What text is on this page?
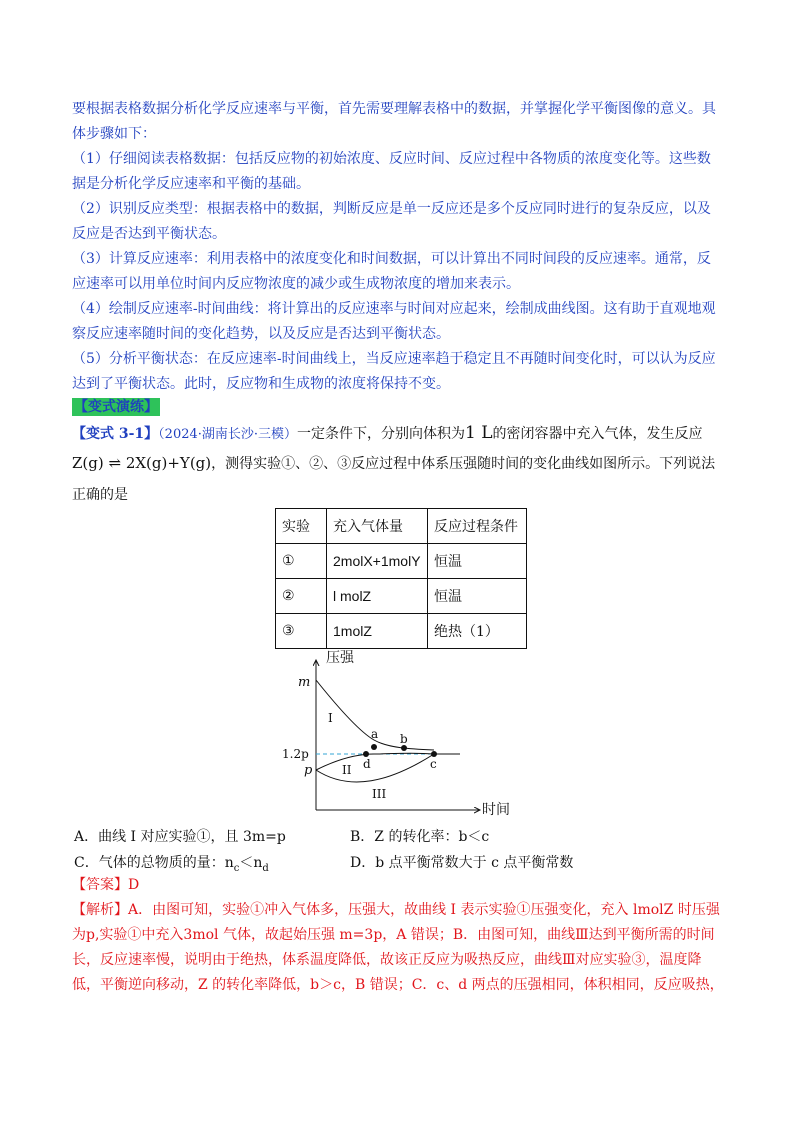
要根据表格数据分析化学反应速率与平衡，首先需要理解表格中的数据，并掌握化学平衡图像的意义。具
体步骤如下：
（1）仔细阅读表格数据：包括反应物的初始浓度、反应时间、反应过程中各物质的浓度变化等。这些数
据是分析化学反应速率和平衡的基础。
（2）识别反应类型：根据表格中的数据，判断反应是单一反应还是多个反应同时进行的复杂反应，以及
反应是否达到平衡状态。
（3）计算反应速率：利用表格中的浓度变化和时间数据，可以计算出不同时间段的反应速率。通常，反
应速率可以用单位时间内反应物浓度的减少或生成物浓度的增加来表示。
（4）绘制反应速率-时间曲线：将计算出的反应速率与时间对应起来，绘制成曲线图。这有助于直观地观
察反应速率随时间的变化趋势，以及反应是否达到平衡状态。
（5）分析平衡状态：在反应速率-时间曲线上，当反应速率趋于稳定且不再随时间变化时，可以认为反应
达到了平衡状态。此时，反应物和生成物的浓度将保持不变。
【变式演练】
【变式 3-1】（2024·湖南长沙·三模）一定条件下，分别向体积为1 L的密闭容器中充入气体，发生反应
Z(g) ⇌ 2X(g)+Y(g)，测得实验①、②、③反应过程中体系压强随时间的变化曲线如图所示。下列说法
正确的是
实验	充入气体量	反应过程条件
①	2molX+1molY	恒温
②	l molZ	恒温
③	1molZ	绝热（1）
压强
时间
m
1.2p
p
I
II
III
a b
d	c
A．曲线 I 对应实验①，且 3m=p	B．Z 的转化率：b＜c
C．气体的总物质的量：$n_c<n_d$	D．b 点平衡常数大于 c 点平衡常数
【答案】D
【解析】A．由图可知，实验①冲入气体多，压强大，故曲线 I 表示实验①压强变化，充入 lmolZ 时压强
为p,实验①中充入3mol 气体，故起始压强 m=3p，A 错误；B．由图可知，曲线Ⅲ达到平衡所需的时间
长，反应速率慢，说明由于绝热，体系温度降低，故该正反应为吸热反应，曲线Ⅲ对应实验③，温度降
低，平衡逆向移动，Z 的转化率降低，b＞c，B 错误；C．c、d 两点的压强相同，体积相同，反应吸热，
